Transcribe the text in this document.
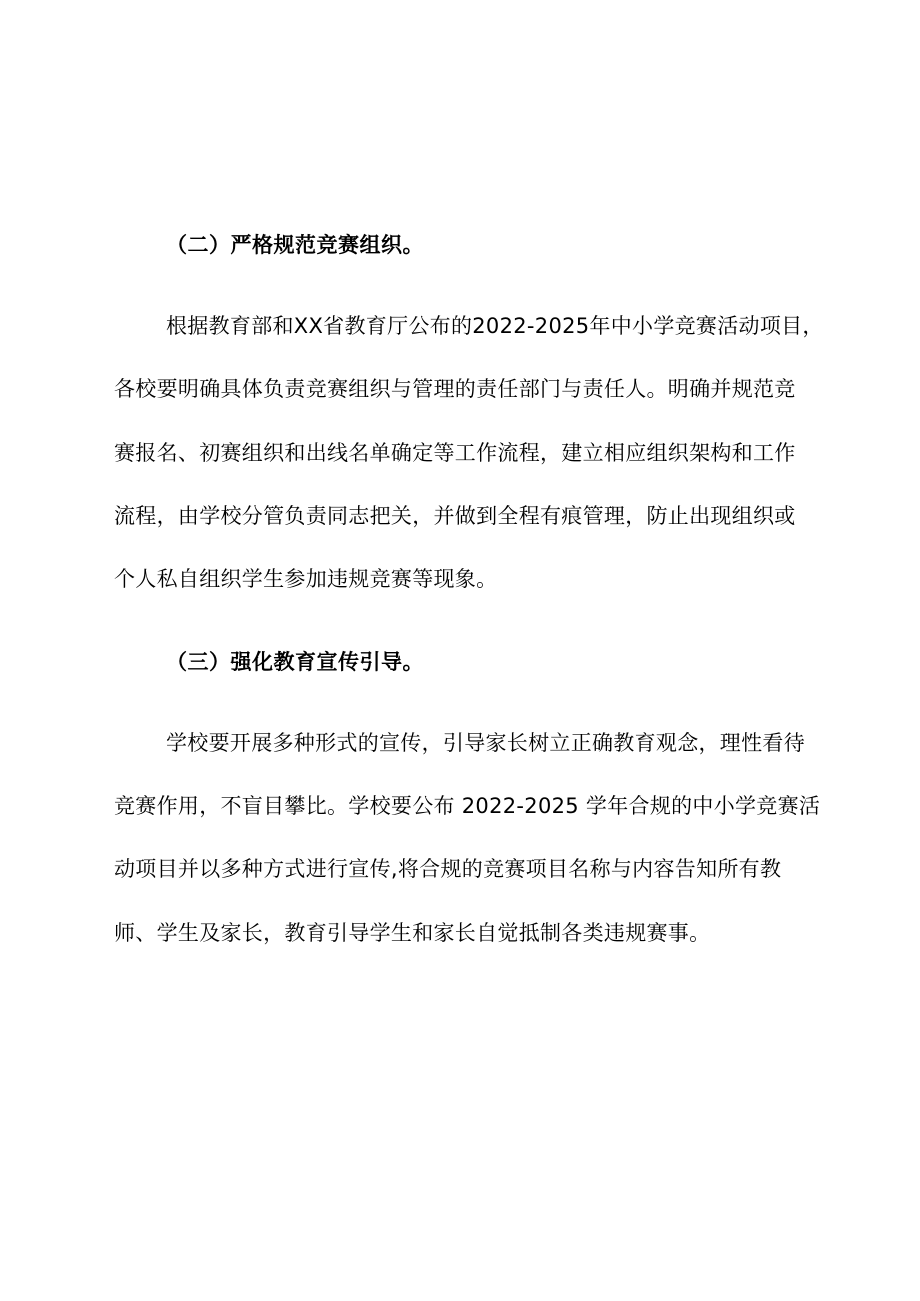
（二）严格规范竞赛组织。
根据教育部和XX省教育厅公布的2022-2025年中小学竞赛活动项目，
各校要明确具体负责竞赛组织与管理的责任部门与责任人。明确并规范竞
赛报名、初赛组织和出线名单确定等工作流程，建立相应组织架构和工作
流程，由学校分管负责同志把关，并做到全程有痕管理，防止出现组织或
个人私自组织学生参加违规竞赛等现象。
（三）强化教育宣传引导。
学校要开展多种形式的宣传，引导家长树立正确教育观念，理性看待
竞赛作用，不盲目攀比。学校要公布 2022-2025 学年合规的中小学竞赛活
动项目并以多种方式进行宣传,将合规的竞赛项目名称与内容告知所有教
师、学生及家长，教育引导学生和家长自觉抵制各类违规赛事。
